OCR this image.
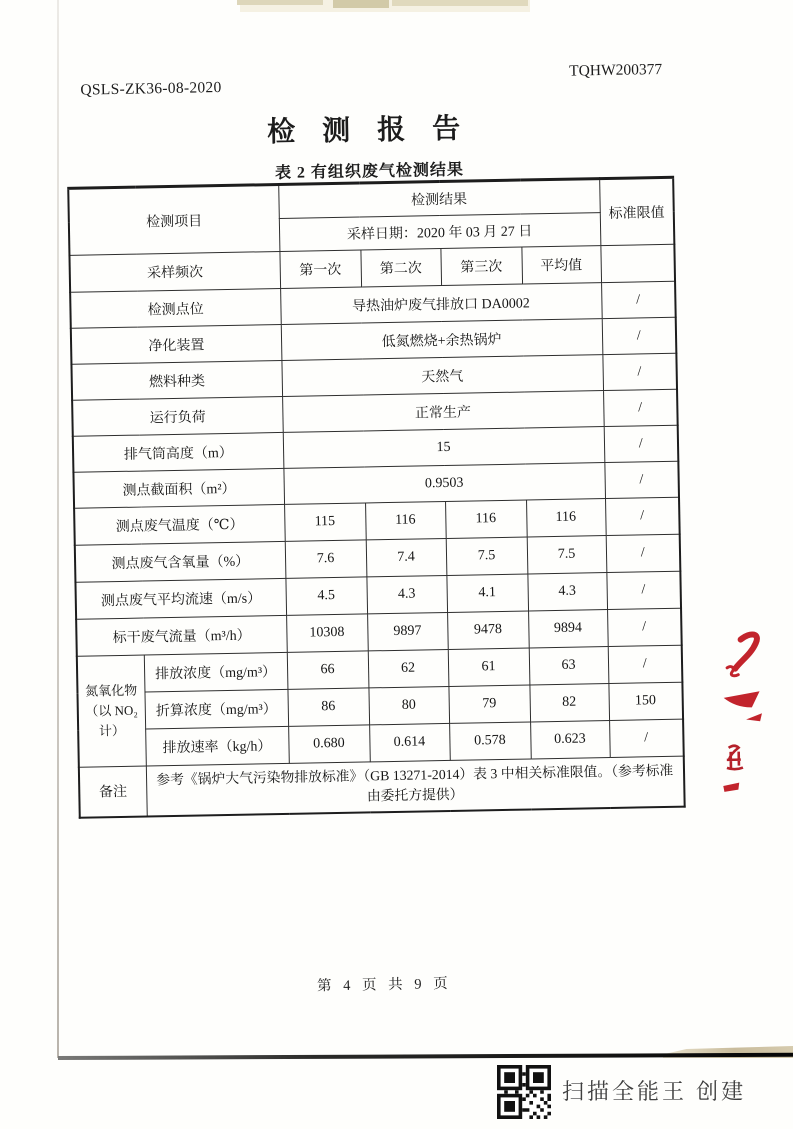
QSLS-ZK36-08-2020
TQHW200377
检 测 报 告
表 2 有组织废气检测结果
检测项目		检测结果				标准限值
		采样日期：2020 年 03 月 27 日				
采样频次		第一次	第二次	第三次	平均值	
检测点位		导热油炉废气排放口 DA0002				/
净化装置		低氮燃烧+余热锅炉				/
燃料种类		天然气				/
运行负荷		正常生产				/
排气筒高度（m）		15				/
测点截面积（m²）		0.9503				/
测点废气温度（℃）		115	116	116	116	/
测点废气含氧量（%）		7.6	7.4	7.5	7.5	/
测点废气平均流速（m/s）		4.5	4.3	4.1	4.3	/
标干废气流量（m³/h）		10308	9897	9478	9894	/
氮氧化物（以 NO₂ 计）	排放浓度（mg/m³）	66	62	61	63	/
	折算浓度（mg/m³）	86	80	79	82	150
	排放速率（kg/h）	0.680	0.614	0.578	0.623	/
备注	参考《锅炉大气污染物排放标准》（GB 13271-2014）表 3 中相关标准限值。（参考标准由委托方提供）					
第 4 页 共 9 页
扫描全能王 创建
